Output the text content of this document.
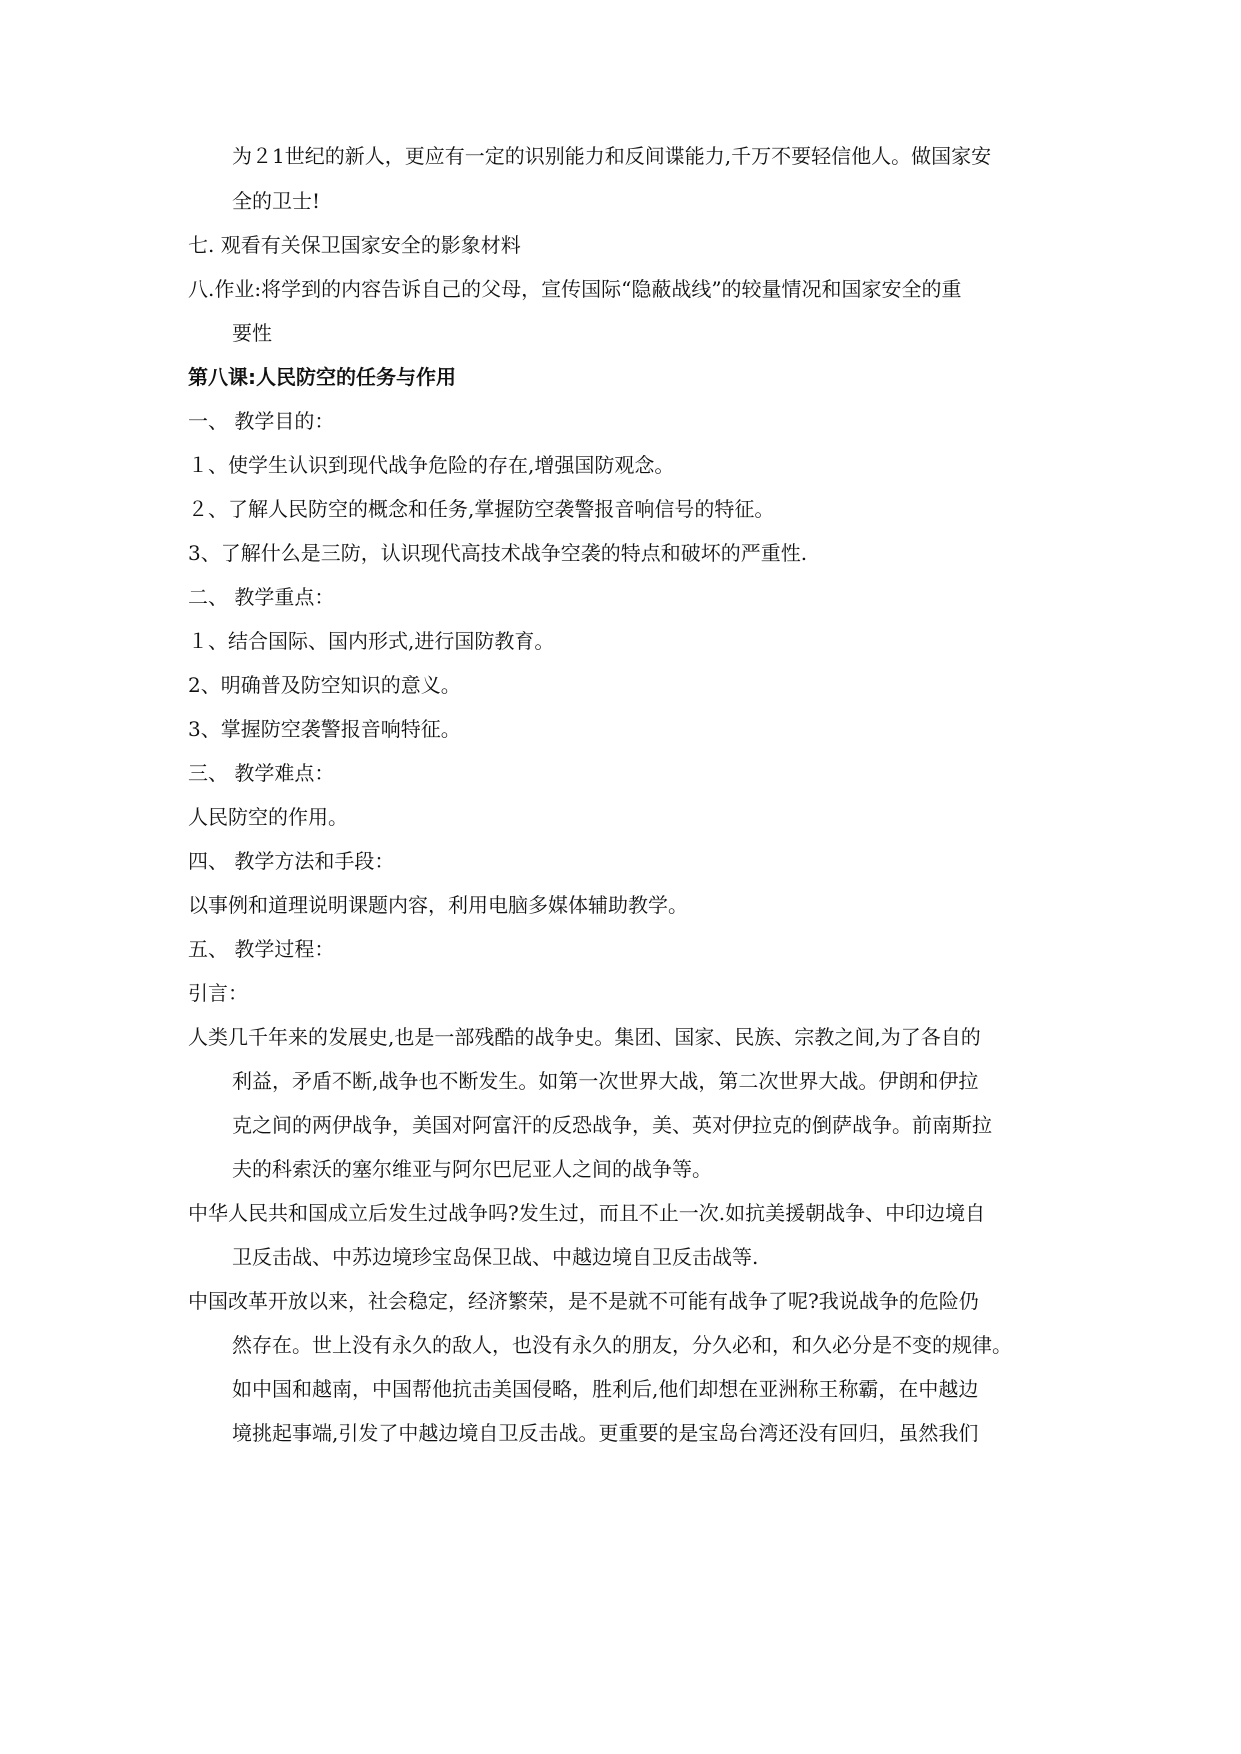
为２1世纪的新人，更应有一定的识别能力和反间谍能力,千万不要轻信他人。做国家安
全的卫士!
七. 观看有关保卫国家安全的影象材料
八.作业:将学到的内容告诉自己的父母，宣传国际“隐蔽战线”的较量情况和国家安全的重
要性
第八课:人民防空的任务与作用
一、 教学目的：
１、使学生认识到现代战争危险的存在,增强国防观念。
２、了解人民防空的概念和任务,掌握防空袭警报音响信号的特征。
3、了解什么是三防，认识现代高技术战争空袭的特点和破坏的严重性.
二、 教学重点：
１、结合国际、国内形式,进行国防教育。
2、明确普及防空知识的意义。
3、掌握防空袭警报音响特征。
三、 教学难点：
人民防空的作用。
四、 教学方法和手段：
以事例和道理说明课题内容，利用电脑多媒体辅助教学。
五、 教学过程：
引言：
人类几千年来的发展史,也是一部残酷的战争史。集团、国家、民族、宗教之间,为了各自的
利益，矛盾不断,战争也不断发生。如第一次世界大战，第二次世界大战。伊朗和伊拉
克之间的两伊战争，美国对阿富汗的反恐战争，美、英对伊拉克的倒萨战争。前南斯拉
夫的科索沃的塞尔维亚与阿尔巴尼亚人之间的战争等。
中华人民共和国成立后发生过战争吗?发生过，而且不止一次.如抗美援朝战争、中印边境自
卫反击战、中苏边境珍宝岛保卫战、中越边境自卫反击战等.
中国改革开放以来，社会稳定，经济繁荣，是不是就不可能有战争了呢?我说战争的危险仍
然存在。世上没有永久的敌人，也没有永久的朋友，分久必和，和久必分是不变的规律。
如中国和越南，中国帮他抗击美国侵略，胜利后,他们却想在亚洲称王称霸，在中越边
境挑起事端,引发了中越边境自卫反击战。更重要的是宝岛台湾还没有回归，虽然我们
